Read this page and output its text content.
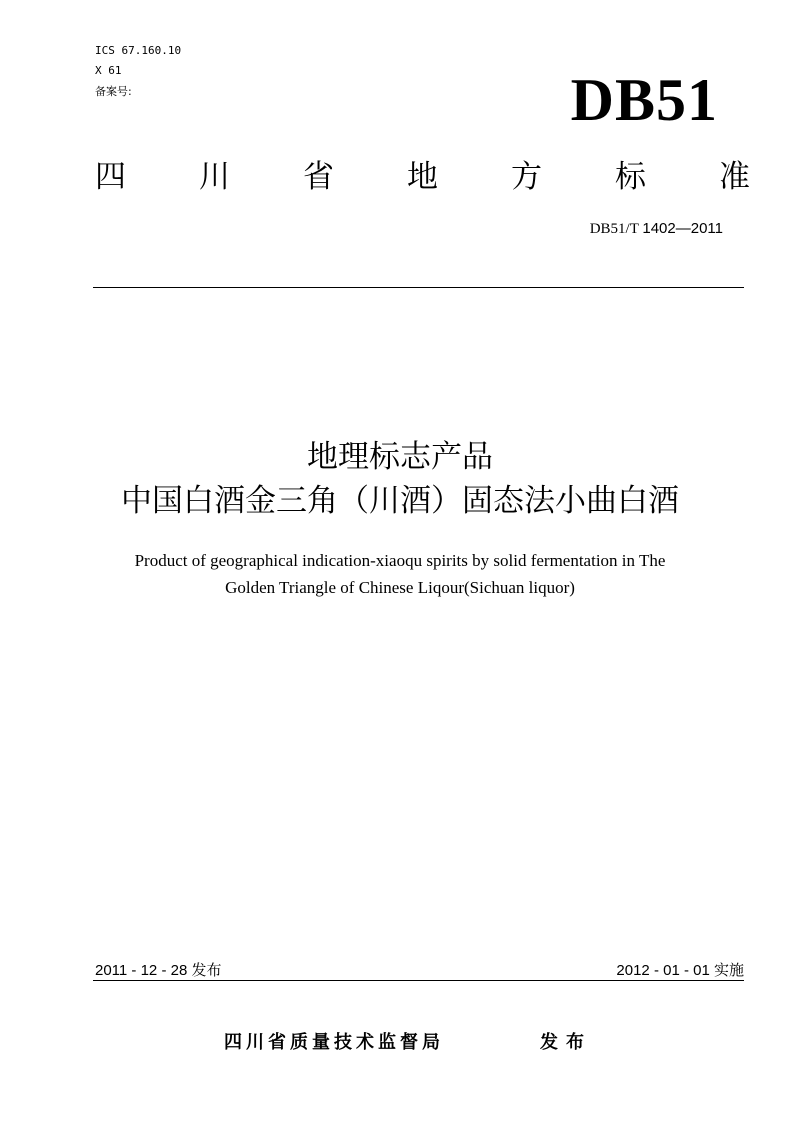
ICS 67.160.10
X 61
备案号:	DB51
四 川 省 地 方 标 准
DB51/T 1402—2011
地理标志产品
中国白酒金三角（川酒）固态法小曲白酒
Product of geographical indication-xiaoqu spirits by solid fermentation in The
Golden Triangle of Chinese Liqour(Sichuan liquor)
2011 - 12 - 28 发布	2012 - 01 - 01 实施
四川省质量技术监督局	发布
